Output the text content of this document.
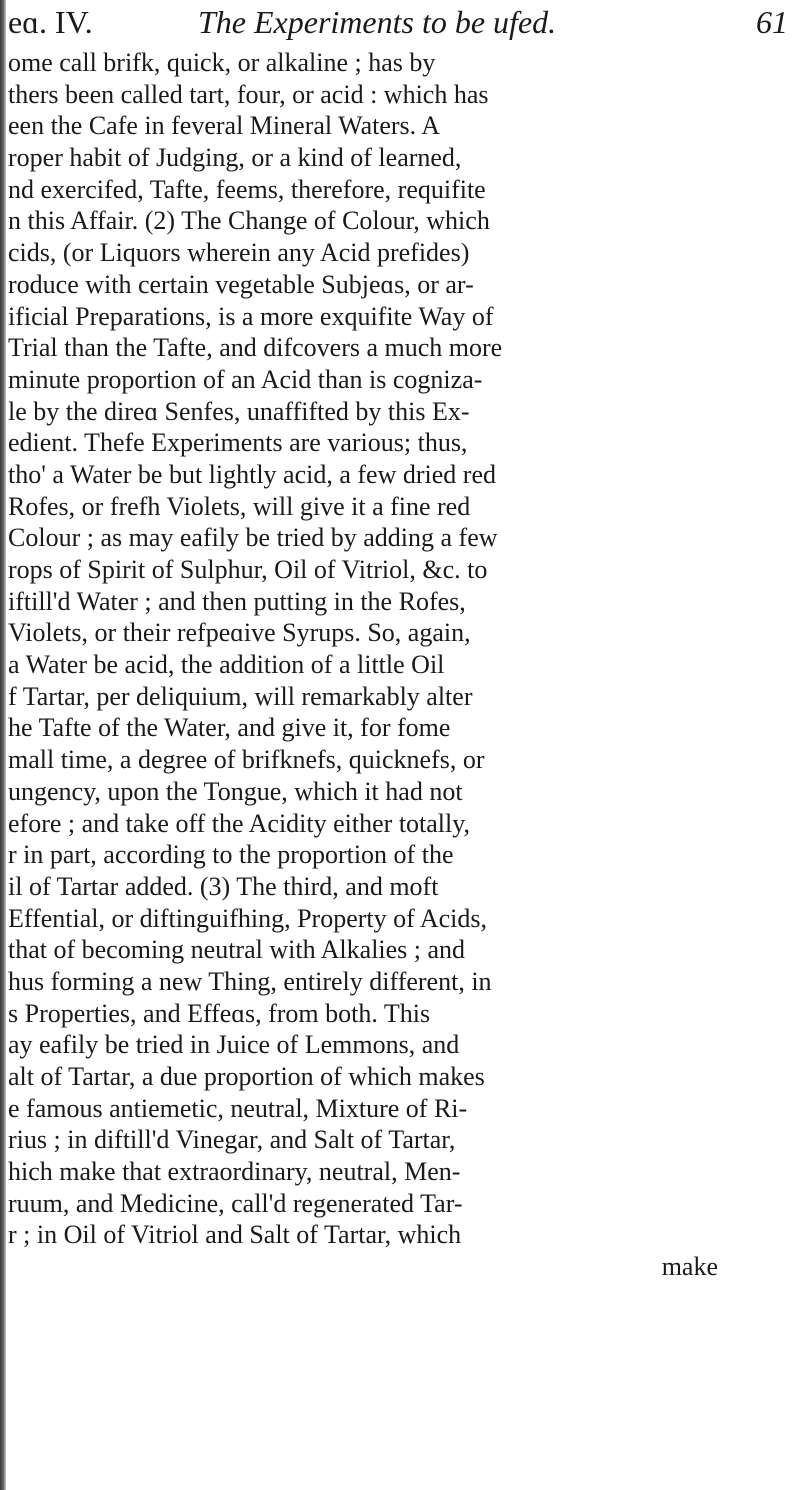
eɑ. IV.	The Experiments to be ufed.	61
ome call brifk, quick, or alkaline ; has by
thers been called tart, four, or acid : which has
een the Cafe in feveral Mineral Waters. A
roper habit of Judging, or a kind of learned,
nd exercifed, Tafte, feems, therefore, requifite
n this Affair. (2) The Change of Colour, which
cids, (or Liquors wherein any Acid prefides)
roduce with certain vegetable Subjeɑs, or ar-
ificial Preparations, is a more exquifite Way of
Trial than the Tafte, and difcovers a much more
minute proportion of an Acid than is cogniza-
le by the direɑ Senfes, unaffifted by this Ex-
edient. Thefe Experiments are various; thus,
tho' a Water be but lightly acid, a few dried red
Rofes, or frefh Violets, will give it a fine red
Colour ; as may eafily be tried by adding a few
rops of Spirit of Sulphur, Oil of Vitriol, &c. to
iftill'd Water ; and then putting in the Rofes,
Violets, or their refpeɑive Syrups. So, again,
a Water be acid, the addition of a little Oil
f Tartar, per deliquium, will remarkably alter
he Tafte of the Water, and give it, for fome
mall time, a degree of brifknefs, quicknefs, or
ungency, upon the Tongue, which it had not
efore ; and take off the Acidity either totally,
r in part, according to the proportion of the
il of Tartar added. (3) The third, and moft
Effential, or diftinguifhing, Property of Acids,
that of becoming neutral with Alkalies ; and
hus forming a new Thing, entirely different, in
s Properties, and Effeɑs, from both. This
ay eafily be tried in Juice of Lemmons, and
alt of Tartar, a due proportion of which makes
e famous antiemetic, neutral, Mixture of Ri-
rius ; in diftill'd Vinegar, and Salt of Tartar,
hich make that extraordinary, neutral, Men-
ruum, and Medicine, call'd regenerated Tar-
r ; in Oil of Vitriol and Salt of Tartar, which
make
